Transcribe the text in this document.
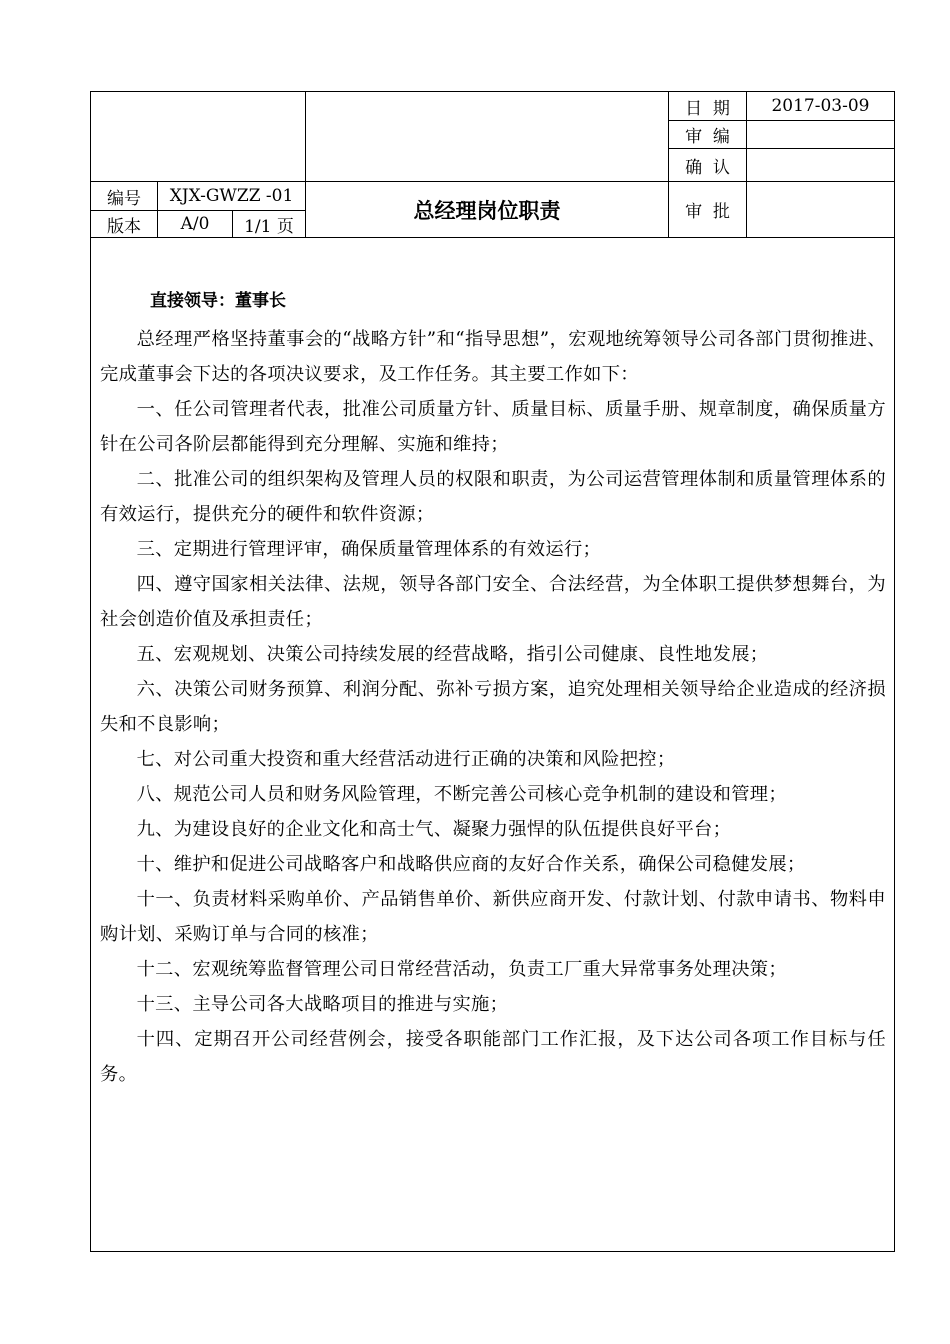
编号	XJX-GWZZ -01
版本	A/0	1/1 页
总经理岗位职责
日  期	2017-03-09
审  编
确  认
审  批
直接领导：董事长

总经理严格坚持董事会的“战略方针”和“指导思想”，宏观地统筹领导公司各部门贯彻推进、完成董事会下达的各项决议要求，及工作任务。其主要工作如下：

一、任公司管理者代表，批准公司质量方针、质量目标、质量手册、规章制度，确保质量方针在公司各阶层都能得到充分理解、实施和维持；

二、批准公司的组织架构及管理人员的权限和职责，为公司运营管理体制和质量管理体系的有效运行，提供充分的硬件和软件资源；

三、定期进行管理评审，确保质量管理体系的有效运行；

四、遵守国家相关法律、法规，领导各部门安全、合法经营，为全体职工提供梦想舞台，为社会创造价值及承担责任；

五、宏观规划、决策公司持续发展的经营战略，指引公司健康、良性地发展；

六、决策公司财务预算、利润分配、弥补亏损方案，追究处理相关领导给企业造成的经济损失和不良影响；

七、对公司重大投资和重大经营活动进行正确的决策和风险把控；

八、规范公司人员和财务风险管理，不断完善公司核心竞争机制的建设和管理；

九、为建设良好的企业文化和高士气、凝聚力强悍的队伍提供良好平台；

十、维护和促进公司战略客户和战略供应商的友好合作关系，确保公司稳健发展；

十一、负责材料采购单价、产品销售单价、新供应商开发、付款计划、付款申请书、物料申购计划、采购订单与合同的核准；

十二、宏观统筹监督管理公司日常经营活动，负责工厂重大异常事务处理决策；

十三、主导公司各大战略项目的推进与实施；

十四、定期召开公司经营例会，接受各职能部门工作汇报，及下达公司各项工作目标与任务。
